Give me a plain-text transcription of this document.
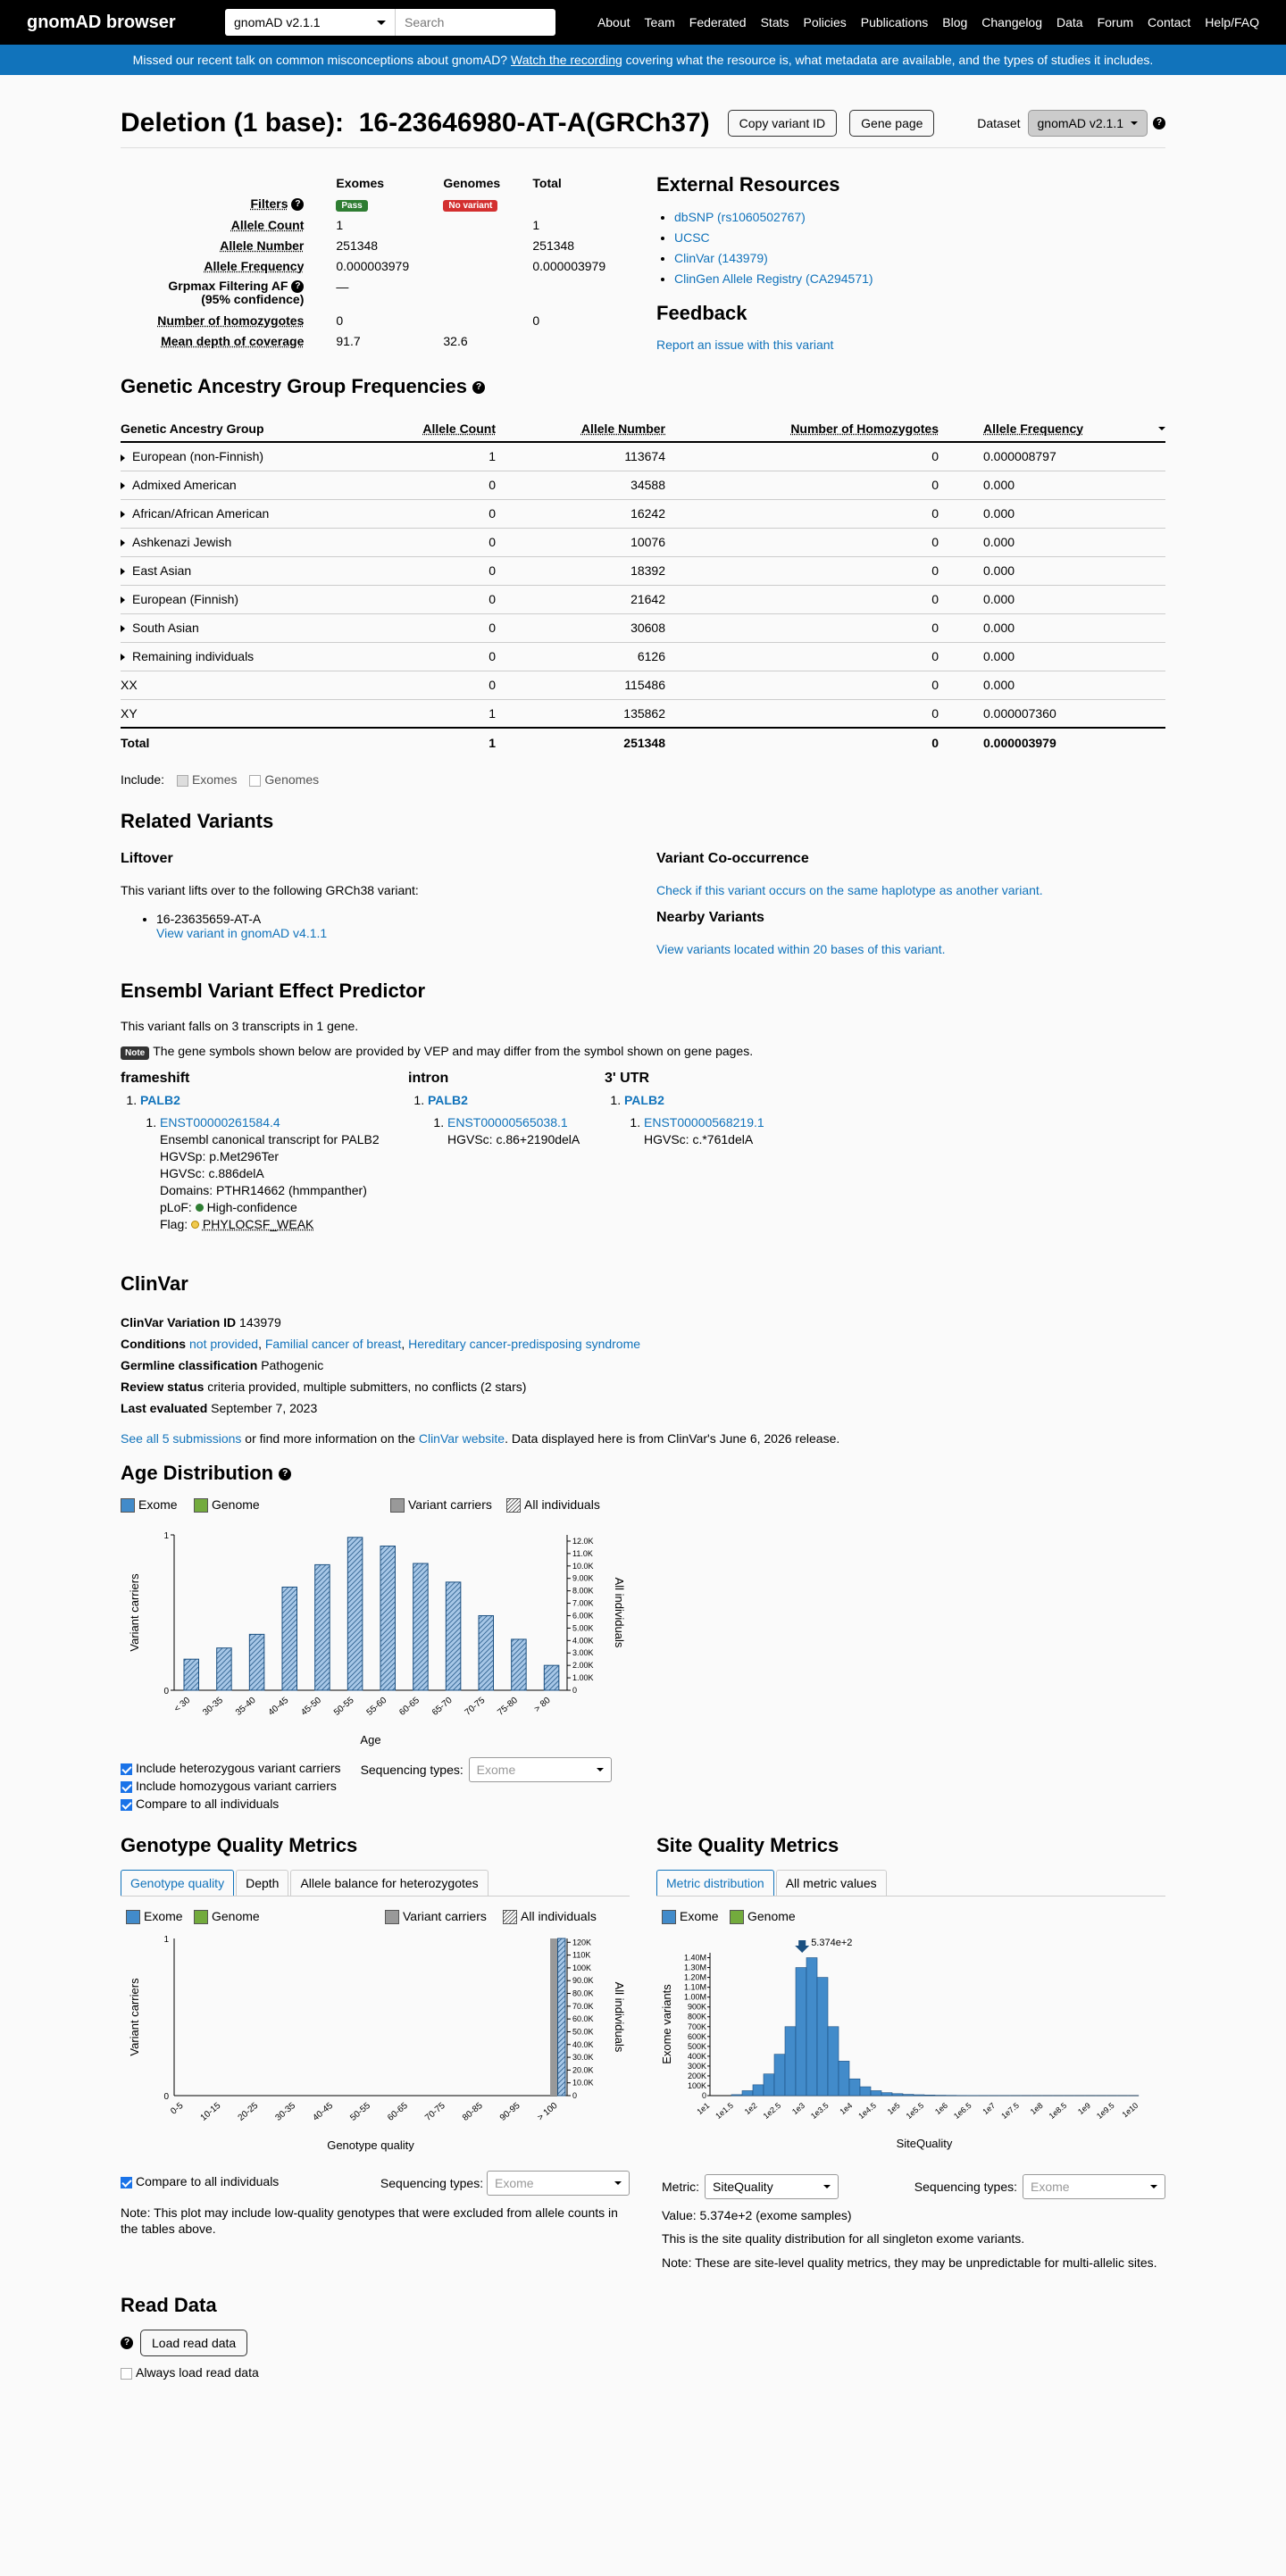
gnomAD browser	gnomAD v2.1.1	Search	About Team Federated Stats Policies Publications Blog Changelog Data Forum Contact Help/FAQ
Missed our recent talk on common misconceptions about gnomAD? Watch the recording covering what the resource is, what metadata are available, and the types of studies it includes.
Deletion (1 base):  16-23646980-AT-A(GRCh37)	Copy variant ID	Gene page	Dataset gnomAD v2.1.1	?
	Exomes	Genomes	Total
Filters ?	Pass	No variant	
Allele Count	1		1
Allele Number	251348		251348
Allele Frequency	0.000003979		0.000003979
Grpmax Filtering AF ?
(95% confidence)	—		
Number of homozygotes	0		0
Mean depth of coverage	91.7	32.6	
External Resources
• dbSNP (rs1060502767)
• UCSC
• ClinVar (143979)
• ClinGen Allele Registry (CA294571)
Feedback
Report an issue with this variant
Genetic Ancestry Group Frequencies ?
Genetic Ancestry Group	Allele Count	Allele Number	Number of Homozygotes	Allele Frequency

European (non-Finnish)	1	113674	0	0.000008797
Admixed American	0	34588	0	0.000
African/African American	0	16242	0	0.000
Ashkenazi Jewish	0	10076	0	0.000
East Asian	0	18392	0	0.000
European (Finnish)	0	21642	0	0.000
South Asian	0	30608	0	0.000
Remaining individuals	0	6126	0	0.000
XX	0	115486	0	0.000
XY	1	135862	0	0.000007360
Total	1	251348	0	0.000003979
Include: Exomes Genomes
Related Variants
Liftover

This variant lifts over to the following GRCh38 variant:

• 16-23635659-AT-A
View variant in gnomAD v4.1.1
Variant Co-occurrence
Check if this variant occurs on the same haplotype as another variant.
Nearby Variants
View variants located within 20 bases of this variant.
Ensembl Variant Effect Predictor

This variant falls on 3 transcripts in 1 gene.

Note The gene symbols shown below are provided by VEP and may differ from the symbol shown on gene pages.

frameshift
1. PALB2
1. ENST00000261584.4
Ensembl canonical transcript for PALB2
HGVSp: p.Met296Ter
HGVSc: c.886delA
Domains: PTHR14662 (hmmpanther)
pLoF: High-confidence
Flag: PHYLOCSF_WEAK
intron
1. PALB2
1. ENST00000565038.1
HGVSc: c.86+2190delA
3' UTR
1. PALB2
1. ENST00000568219.1
HGVSc: c.*761delA
ClinVar
ClinVar Variation ID 143979
Conditions not provided, Familial cancer of breast, Hereditary cancer-predisposing syndrome
Germline classification Pathogenic
Review status criteria provided, multiple submitters, no conflicts (2 stars)
Last evaluated September 7, 2023
See all 5 submissions or find more information on the ClinVar website. Data displayed here is from ClinVar's June 6, 2026 release.
Age Distribution ?
Exome	Genome	Variant carriers	All individuals
0
1
0
1.00K
2.00K
3.00K
4.00K
5.00K
6.00K
7.00K
8.00K
9.00K
10.0K
11.0K
12.0K
< 30 30-35 35-40 40-45 45-50 50-55 55-60 60-65 65-70 70-75 75-80 > 80
Age
Variant carriers	All individuals
Include heterozygous variant carriers
Include homozygous variant carriers
Compare to all individuals
Sequencing types: Exome
Genotype Quality Metrics
Genotype quality	Depth	Allele balance for heterozygotes
Exome	Genome	Variant carriers	All individuals
0
1
0
10.0K
20.0K
30.0K
40.0K
50.0K
60.0K
70.0K
80.0K
90.0K
100K
110K
120K
0-5 10-15 20-25 30-35 40-45 50-55 60-65 70-75 80-85 90-95 > 100
Genotype quality
Variant carriers	All individuals
Compare to all individuals	Sequencing types: Exome

Note: This plot may include low-quality genotypes that were excluded from allele counts in the tables above.

Site Quality Metrics
Metric distribution	All metric values
Exome	Genome
0
100K
200K
300K
400K
500K
600K
700K
800K
900K
1.00M
1.10M
1.20M
1.30M
1.40M
1e1 1e1.5 1e2 1e2.5 1e3 1e3.5 1e4 1e4.5 1e5 1e5.5 1e6 1e6.5 1e7 1e7.5 1e8 1e8.5 1e9 1e9.5 1e10
5.374e+2
SiteQuality
Exome variants
Metric: SiteQuality	Sequencing types: Exome

Value: 5.374e+2 (exome samples)

This is the site quality distribution for all singleton exome variants.

Note: These are site-level quality metrics, they may be unpredictable for multi-allelic sites.

Read Data
?	Load read data
Always load read data
